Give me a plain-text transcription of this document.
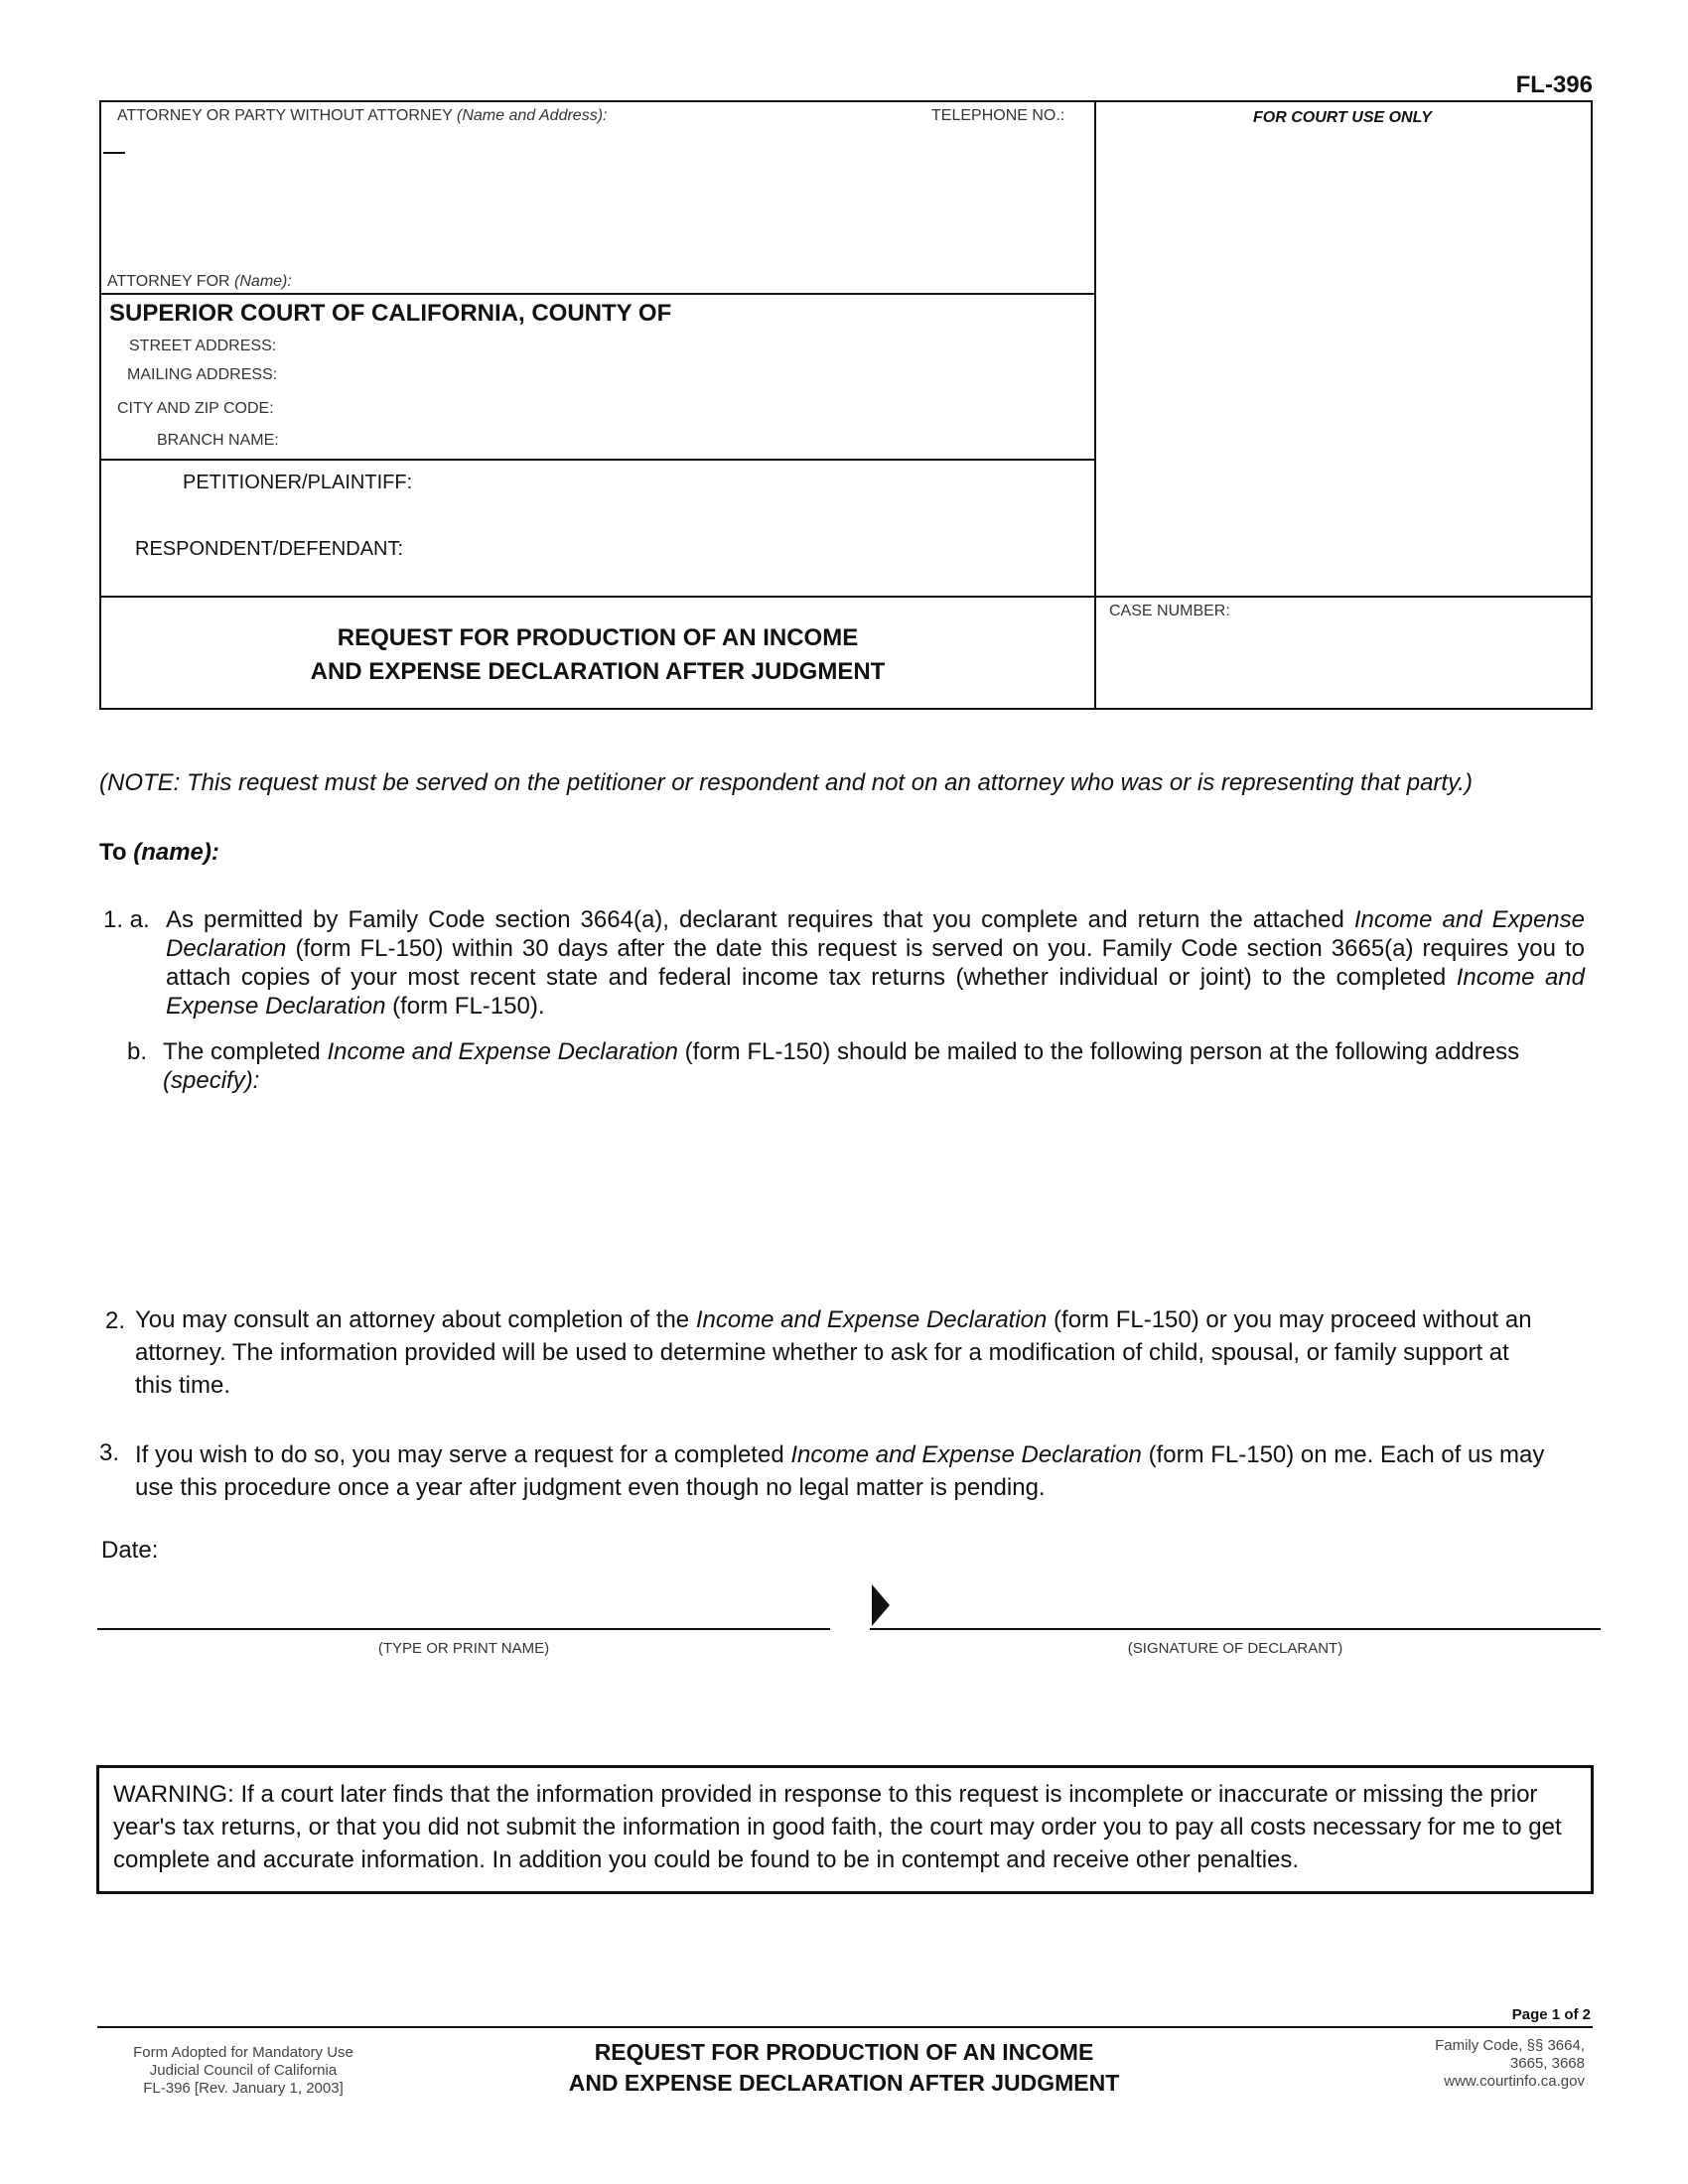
FL-396
ATTORNEY OR PARTY WITHOUT ATTORNEY (Name and Address):	TELEPHONE NO.:	FOR COURT USE ONLY
ATTORNEY FOR (Name):
SUPERIOR COURT OF CALIFORNIA, COUNTY OF
STREET ADDRESS:
MAILING ADDRESS:
CITY AND ZIP CODE:
BRANCH NAME:
PETITIONER/PLAINTIFF:
RESPONDENT/DEFENDANT:
CASE NUMBER:
REQUEST FOR PRODUCTION OF AN INCOME
AND EXPENSE DECLARATION AFTER JUDGMENT
(NOTE: This request must be served on the petitioner or respondent and not on an attorney who was or is representing that party.)
To (name):
1. a. As permitted by Family Code section 3664(a), declarant requires that you complete and return the attached Income and Expense Declaration (form FL-150) within 30 days after the date this request is served on you. Family Code section 3665(a) requires you to attach copies of your most recent state and federal income tax returns (whether individual or joint) to the completed Income and Expense Declaration (form FL-150).
b. The completed Income and Expense Declaration (form FL-150) should be mailed to the following person at the following address (specify):
2. You may consult an attorney about completion of the Income and Expense Declaration (form FL-150) or you may proceed without an attorney. The information provided will be used to determine whether to ask for a modification of child, spousal, or family support at this time.
3. If you wish to do so, you may serve a request for a completed Income and Expense Declaration (form FL-150) on me. Each of us may use this procedure once a year after judgment even though no legal matter is pending.
Date:
(TYPE OR PRINT NAME)	(SIGNATURE OF DECLARANT)
WARNING: If a court later finds that the information provided in response to this request is incomplete or inaccurate or missing the prior year's tax returns, or that you did not submit the information in good faith, the court may order you to pay all costs necessary for me to get complete and accurate information. In addition you could be found to be in contempt and receive other penalties.
Page 1 of 2
Form Adopted for Mandatory Use
Judicial Council of California
FL-396 [Rev. January 1, 2003]
REQUEST FOR PRODUCTION OF AN INCOME
AND EXPENSE DECLARATION AFTER JUDGMENT
Family Code, §§ 3664,
3665, 3668
www.courtinfo.ca.gov
